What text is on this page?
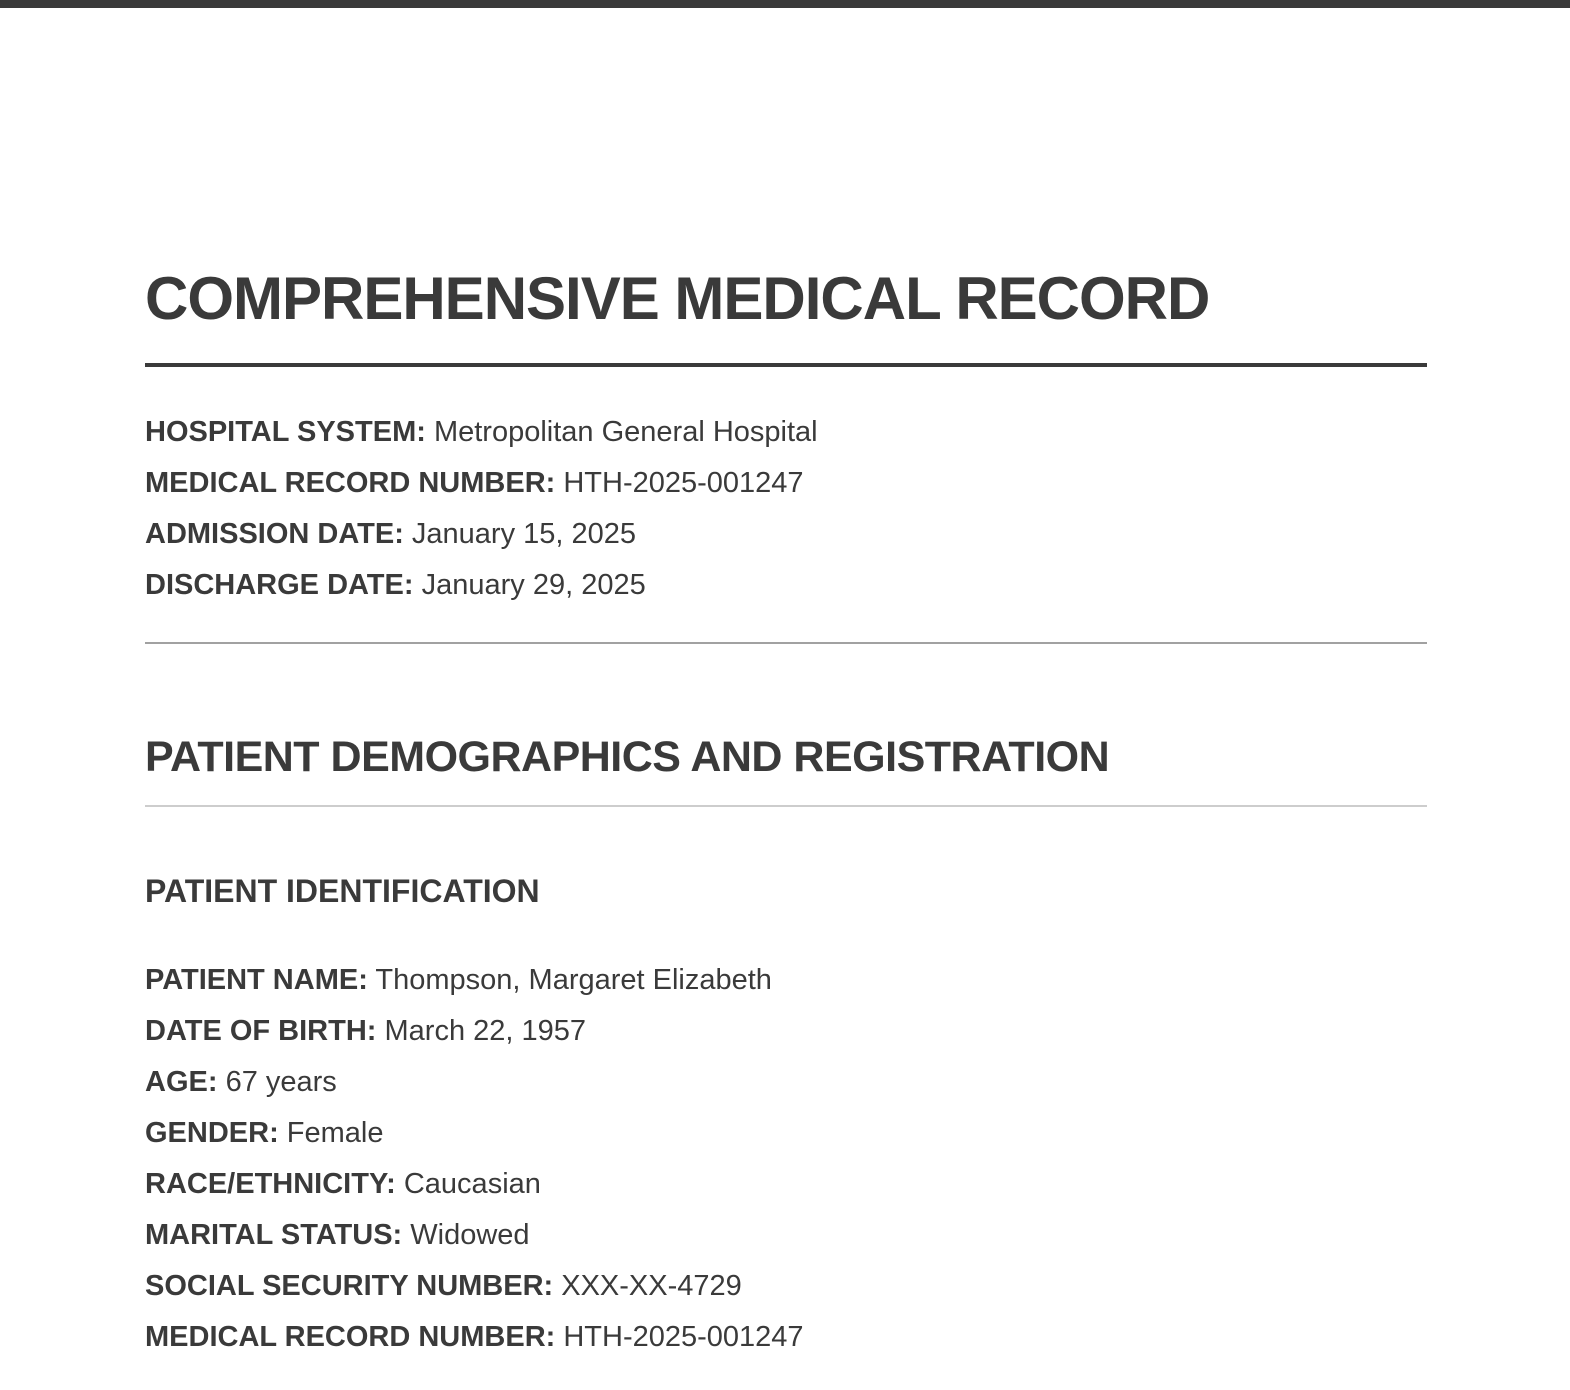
COMPREHENSIVE MEDICAL RECORD

HOSPITAL SYSTEM: Metropolitan General Hospital

MEDICAL RECORD NUMBER: HTH-2025-001247

ADMISSION DATE: January 15, 2025

DISCHARGE DATE: January 29, 2025

PATIENT DEMOGRAPHICS AND REGISTRATION
PATIENT IDENTIFICATION

PATIENT NAME: Thompson, Margaret Elizabeth

DATE OF BIRTH: March 22, 1957

AGE: 67 years

GENDER: Female

RACE/ETHNICITY: Caucasian

MARITAL STATUS: Widowed

SOCIAL SECURITY NUMBER: XXX-XX-4729

MEDICAL RECORD NUMBER: HTH-2025-001247
